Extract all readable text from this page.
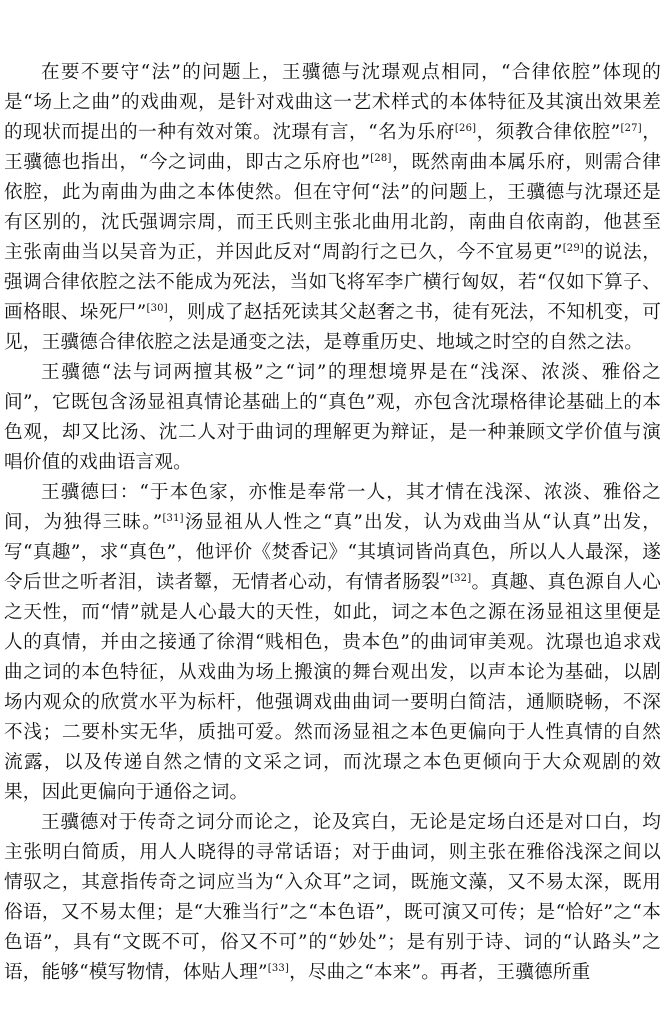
在要不要守“法”的问题上，王骥德与沈璟观点相同，“合律依腔”体现的是“场上之曲”的戏曲观，是针对戏曲这一艺术样式的本体特征及其演出效果差的现状而提出的一种有效对策。沈璟有言，“名为乐府[26]，须教合律依腔”[27]，王骥德也指出，“今之词曲，即古之乐府也”[28]，既然南曲本属乐府，则需合律依腔，此为南曲为曲之本体使然。但在守何“法”的问题上，王骥德与沈璟还是有区别的，沈氏强调宗周，而王氏则主张北曲用北韵，南曲自依南韵，他甚至主张南曲当以吴音为正，并因此反对“周韵行之已久，今不宜易更”[29]的说法，强调合律依腔之法不能成为死法，当如飞将军李广横行匈奴，若“仅如下算子、画格眼、垛死尸”[30]，则成了赵括死读其父赵奢之书，徒有死法，不知机变，可见，王骥德合律依腔之法是通变之法，是尊重历史、地域之时空的自然之法。

王骥德“法与词两擅其极”之“词”的理想境界是在“浅深、浓淡、雅俗之间”，它既包含汤显祖真情论基础上的“真色”观，亦包含沈璟格律论基础上的本色观，却又比汤、沈二人对于曲词的理解更为辩证，是一种兼顾文学价值与演唱价值的戏曲语言观。

王骥德曰：“于本色家，亦惟是奉常一人，其才情在浅深、浓淡、雅俗之间，为独得三昧。”[31]汤显祖从人性之“真”出发，认为戏曲当从“认真”出发，写“真趣”，求“真色”，他评价《焚香记》“其填词皆尚真色，所以人人最深，遂令后世之听者泪，读者颦，无情者心动，有情者肠裂”[32]。真趣、真色源自人心之天性，而“情”就是人心最大的天性，如此，词之本色之源在汤显祖这里便是人的真情，并由之接通了徐渭“贱相色，贵本色”的曲词审美观。沈璟也追求戏曲之词的本色特征，从戏曲为场上搬演的舞台观出发，以声本论为基础，以剧场内观众的欣赏水平为标杆，他强调戏曲曲词一要明白简洁，通顺晓畅，不深不浅；二要朴实无华，质拙可爱。然而汤显祖之本色更偏向于人性真情的自然流露，以及传递自然之情的文采之词，而沈璟之本色更倾向于大众观剧的效果，因此更偏向于通俗之词。

王骥德对于传奇之词分而论之，论及宾白，无论是定场白还是对口白，均主张明白简质，用人人晓得的寻常话语；对于曲词，则主张在雅俗浅深之间以情驭之，其意指传奇之词应当为“入众耳”之词，既施文藻，又不易太深，既用俗语，又不易太俚；是“大雅当行”之“本色语”，既可演又可传；是“恰好”之“本色语”，具有“文既不可，俗又不可”的“妙处”；是有别于诗、词的“认路头”之语，能够“模写物情，体贴人理”[33]，尽曲之“本来”。再者，王骥德所重
